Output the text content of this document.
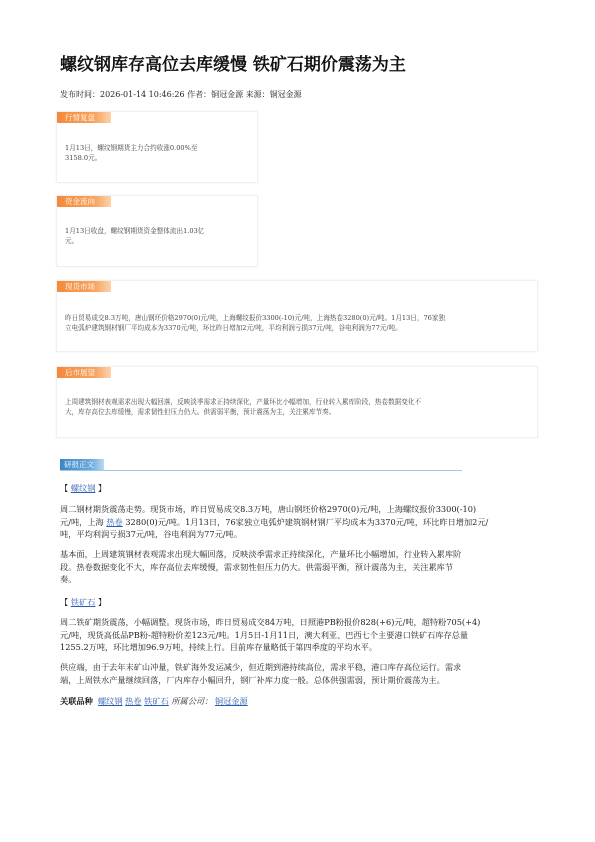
螺纹钢库存高位去库缓慢 铁矿石期价震荡为主
发布时间：2026-01-14 10:46:26 作者：铜冠金源 来源：铜冠金源
行情复盘
1月13日，螺纹钢期货主力合约收涨0.00%至
3158.0元。
资金流向
1月13日收盘，螺纹钢期货资金整体流出1.03亿
元。
现货市场
昨日贸易成交8.3万吨，唐山钢坯价格2970(0)元/吨，上海螺纹报价3300(-10)元/吨，上海热卷3280(0)元/吨。1月13日，76家独
立电弧炉建筑钢材钢厂平均成本为3370元/吨，环比昨日增加2元/吨，平均利润亏损37元/吨，谷电利润为77元/吨。
后市展望
上周建筑钢材表观需求出现大幅回落，反映淡季需求正持续深化，产量环比小幅增加，行业转入累库阶段，热卷数据变化不
大，库存高位去库缓慢，需求韧性但压力仍大。供需弱平衡，预计震荡为主，关注累库节奏。
研报正文
【 螺纹钢 】
周二钢材期货震荡走势。现货市场，昨日贸易成交8.3万吨，唐山钢坯价格2970(0)元/吨，上海螺纹报价3300(-10)
元/吨，上海 热卷 3280(0)元/吨。1月13日，76家独立电弧炉建筑钢材钢厂平均成本为3370元/吨，环比昨日增加2元/
吨，平均利润亏损37元/吨，谷电利润为77元/吨。
基本面，上周建筑钢材表观需求出现大幅回落，反映淡季需求正持续深化，产量环比小幅增加，行业转入累库阶
段。热卷数据变化不大，库存高位去库缓慢，需求韧性但压力仍大。供需弱平衡，预计震荡为主，关注累库节
奏。
【 铁矿石 】
周二铁矿期货震荡，小幅调整。现货市场，昨日贸易成交84万吨，日照港PB粉报价828(+6)元/吨，超特粉705(+4)
元/吨，现货高低品PB粉-超特粉价差123元/吨。1月5日-1月11日，澳大利亚、巴西七个主要港口铁矿石库存总量
1255.2万吨，环比增加96.9万吨，持续上行。目前库存量略低于第四季度的平均水平。
供应端，由于去年末矿山冲量，铁矿海外发运减少，但近期到港持续高位，需求平稳，港口库存高位运行。需求
端，上周铁水产量继续回落，厂内库存小幅回升，钢厂补库力度一般。总体供强需弱，预计期价震荡为主。
关联品种 螺纹钢 热卷 铁矿石 所属公司： 铜冠金源
